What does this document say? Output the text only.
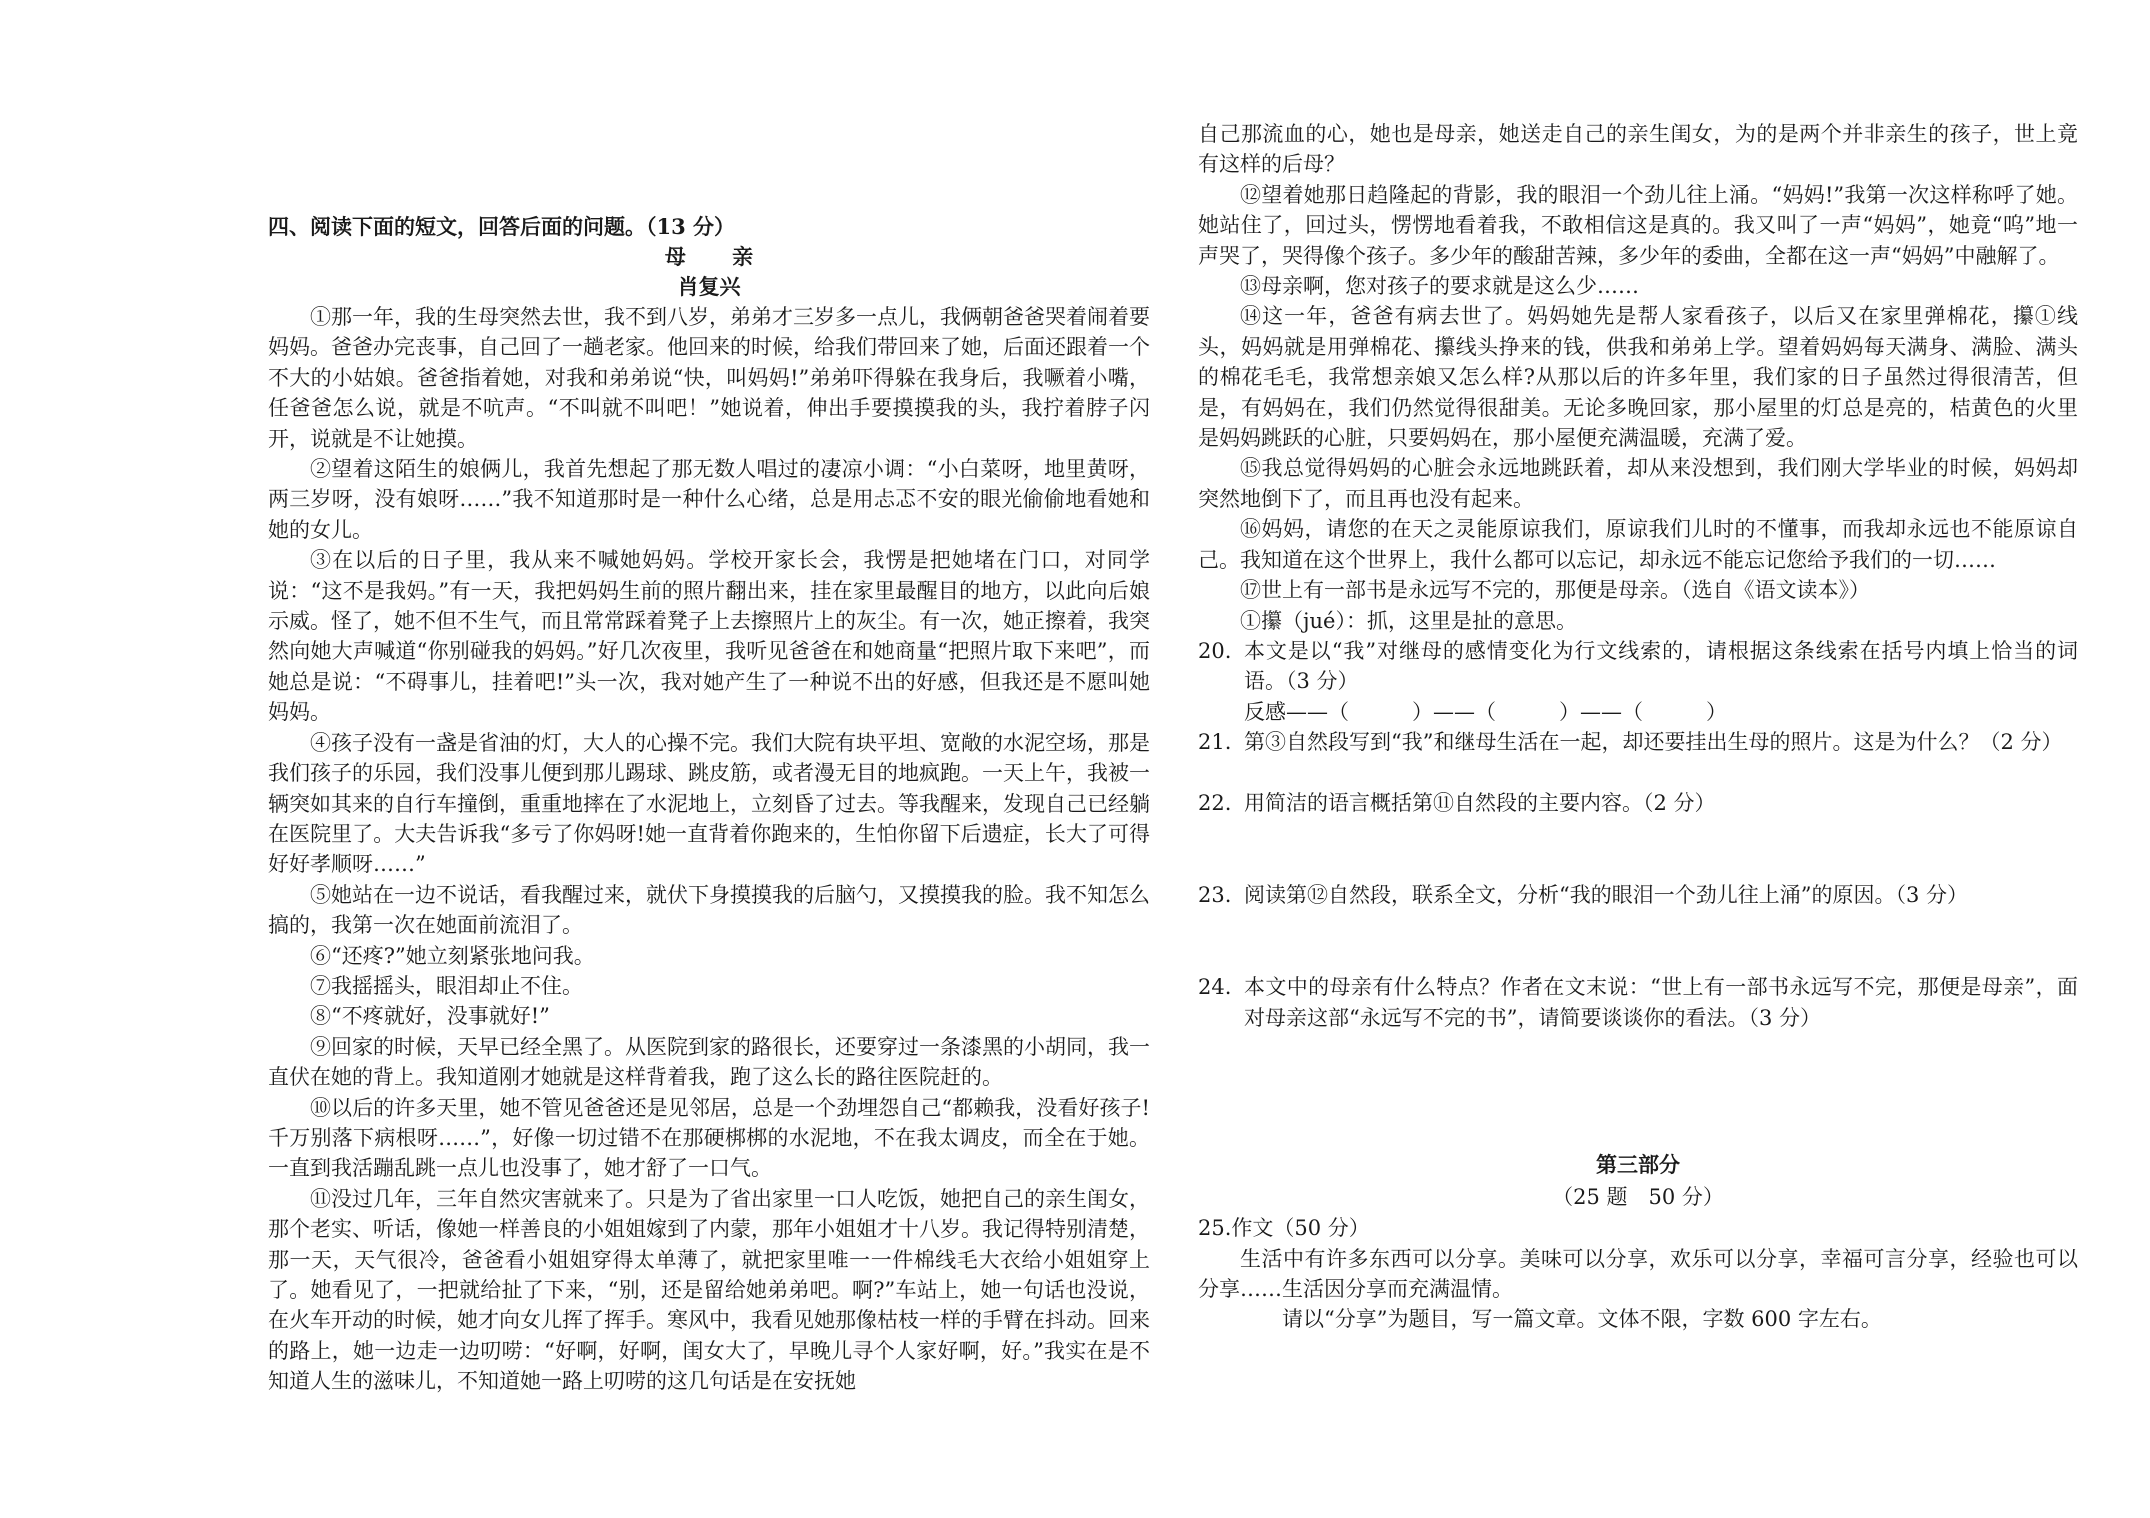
四、阅读下面的短文，回答后面的问题。（13 分）

母亲

肖复兴

①那一年，我的生母突然去世，我不到八岁，弟弟才三岁多一点儿，我俩朝爸爸哭着闹着要妈妈。爸爸办完丧事，自己回了一趟老家。他回来的时候，给我们带回来了她，后面还跟着一个不大的小姑娘。爸爸指着她，对我和弟弟说“快，叫妈妈!”弟弟吓得躲在我身后，我噘着小嘴，任爸爸怎么说，就是不吭声。“不叫就不叫吧！”她说着，伸出手要摸摸我的头，我拧着脖子闪开，说就是不让她摸。

②望着这陌生的娘俩儿，我首先想起了那无数人唱过的凄凉小调：“小白菜呀，地里黄呀，两三岁呀，没有娘呀……”我不知道那时是一种什么心绪，总是用忐忑不安的眼光偷偷地看她和她的女儿。

③在以后的日子里，我从来不喊她妈妈。学校开家长会，我愣是把她堵在门口，对同学说：“这不是我妈。”有一天，我把妈妈生前的照片翻出来，挂在家里最醒目的地方，以此向后娘示威。怪了，她不但不生气，而且常常踩着凳子上去擦照片上的灰尘。有一次，她正擦着，我突然向她大声喊道“你别碰我的妈妈。”好几次夜里，我听见爸爸在和她商量“把照片取下来吧”，而她总是说：“不碍事儿，挂着吧!”头一次，我对她产生了一种说不出的好感，但我还是不愿叫她妈妈。

④孩子没有一盏是省油的灯，大人的心操不完。我们大院有块平坦、宽敞的水泥空场，那是我们孩子的乐园，我们没事儿便到那儿踢球、跳皮筋，或者漫无目的地疯跑。一天上午，我被一辆突如其来的自行车撞倒，重重地摔在了水泥地上，立刻昏了过去。等我醒来，发现自己已经躺在医院里了。大夫告诉我“多亏了你妈呀!她一直背着你跑来的，生怕你留下后遗症，长大了可得好好孝顺呀……”

⑤她站在一边不说话，看我醒过来，就伏下身摸摸我的后脑勺，又摸摸我的脸。我不知怎么搞的，我第一次在她面前流泪了。

⑥“还疼?”她立刻紧张地问我。

⑦我摇摇头，眼泪却止不住。

⑧“不疼就好，没事就好!”

⑨回家的时候，天早已经全黑了。从医院到家的路很长，还要穿过一条漆黑的小胡同，我一直伏在她的背上。我知道刚才她就是这样背着我，跑了这么长的路往医院赶的。

⑩以后的许多天里，她不管见爸爸还是见邻居，总是一个劲埋怨自己“都赖我，没看好孩子!千万别落下病根呀……”，好像一切过错不在那硬梆梆的水泥地，不在我太调皮，而全在于她。一直到我活蹦乱跳一点儿也没事了，她才舒了一口气。

⑪没过几年，三年自然灾害就来了。只是为了省出家里一口人吃饭，她把自己的亲生闺女，那个老实、听话，像她一样善良的小姐姐嫁到了内蒙，那年小姐姐才十八岁。我记得特别清楚，那一天，天气很冷，爸爸看小姐姐穿得太单薄了，就把家里唯一一件棉线毛大衣给小姐姐穿上了。她看见了，一把就给扯了下来，“别，还是留给她弟弟吧。啊?”车站上，她一句话也没说，在火车开动的时候，她才向女儿挥了挥手。寒风中，我看见她那像枯枝一样的手臂在抖动。回来的路上，她一边走一边叨唠：“好啊，好啊，闺女大了，早晚儿寻个人家好啊，好。”我实在是不知道人生的滋味儿，不知道她一路上叨唠的这几句话是在安抚她

自己那流血的心，她也是母亲，她送走自己的亲生闺女，为的是两个并非亲生的孩子，世上竟有这样的后母？

⑫望着她那日趋隆起的背影，我的眼泪一个劲儿往上涌。“妈妈!”我第一次这样称呼了她。她站住了，回过头，愣愣地看着我，不敢相信这是真的。我又叫了一声“妈妈”，她竟“呜”地一声哭了，哭得像个孩子。多少年的酸甜苦辣，多少年的委曲，全都在这一声“妈妈”中融解了。

⑬母亲啊，您对孩子的要求就是这么少……

⑭这一年，爸爸有病去世了。妈妈她先是帮人家看孩子，以后又在家里弹棉花，攥①线头，妈妈就是用弹棉花、攥线头挣来的钱，供我和弟弟上学。望着妈妈每天满身、满脸、满头的棉花毛毛，我常想亲娘又怎么样?从那以后的许多年里，我们家的日子虽然过得很清苦，但是，有妈妈在，我们仍然觉得很甜美。无论多晚回家，那小屋里的灯总是亮的，桔黄色的火里是妈妈跳跃的心脏，只要妈妈在，那小屋便充满温暖，充满了爱。

⑮我总觉得妈妈的心脏会永远地跳跃着，却从来没想到，我们刚大学毕业的时候，妈妈却突然地倒下了，而且再也没有起来。

⑯妈妈，请您的在天之灵能原谅我们，原谅我们儿时的不懂事，而我却永远也不能原谅自己。我知道在这个世界上，我什么都可以忘记，却永远不能忘记您给予我们的一切……

⑰世上有一部书是永远写不完的，那便是母亲。（选自《语文读本》）

①攥（jué）：抓，这里是扯的意思。

20. 本文是以“我”对继母的感情变化为行文线索的，请根据这条线索在括号内填上恰当的词语。（3 分）
反感——（　　　）——（　　　）——（　　　）
21. 第③自然段写到“我”和继母生活在一起，却还要挂出生母的照片。这是为什么？（2 分）
22. 用简洁的语言概括第⑪自然段的主要内容。（2 分）
23. 阅读第⑫自然段，联系全文，分析“我的眼泪一个劲儿往上涌”的原因。（3 分）
24. 本文中的母亲有什么特点？作者在文末说：“世上有一部书永远写不完，那便是母亲”，面对母亲这部“永远写不完的书”，请简要谈谈你的看法。（3 分）

第三部分

（25 题　50 分）

25.作文（50 分）

生活中有许多东西可以分享。美味可以分享，欢乐可以分享，幸福可言分享，经验也可以分享……生活因分享而充满温情。

请以“分享”为题目，写一篇文章。文体不限，字数 600 字左右。
